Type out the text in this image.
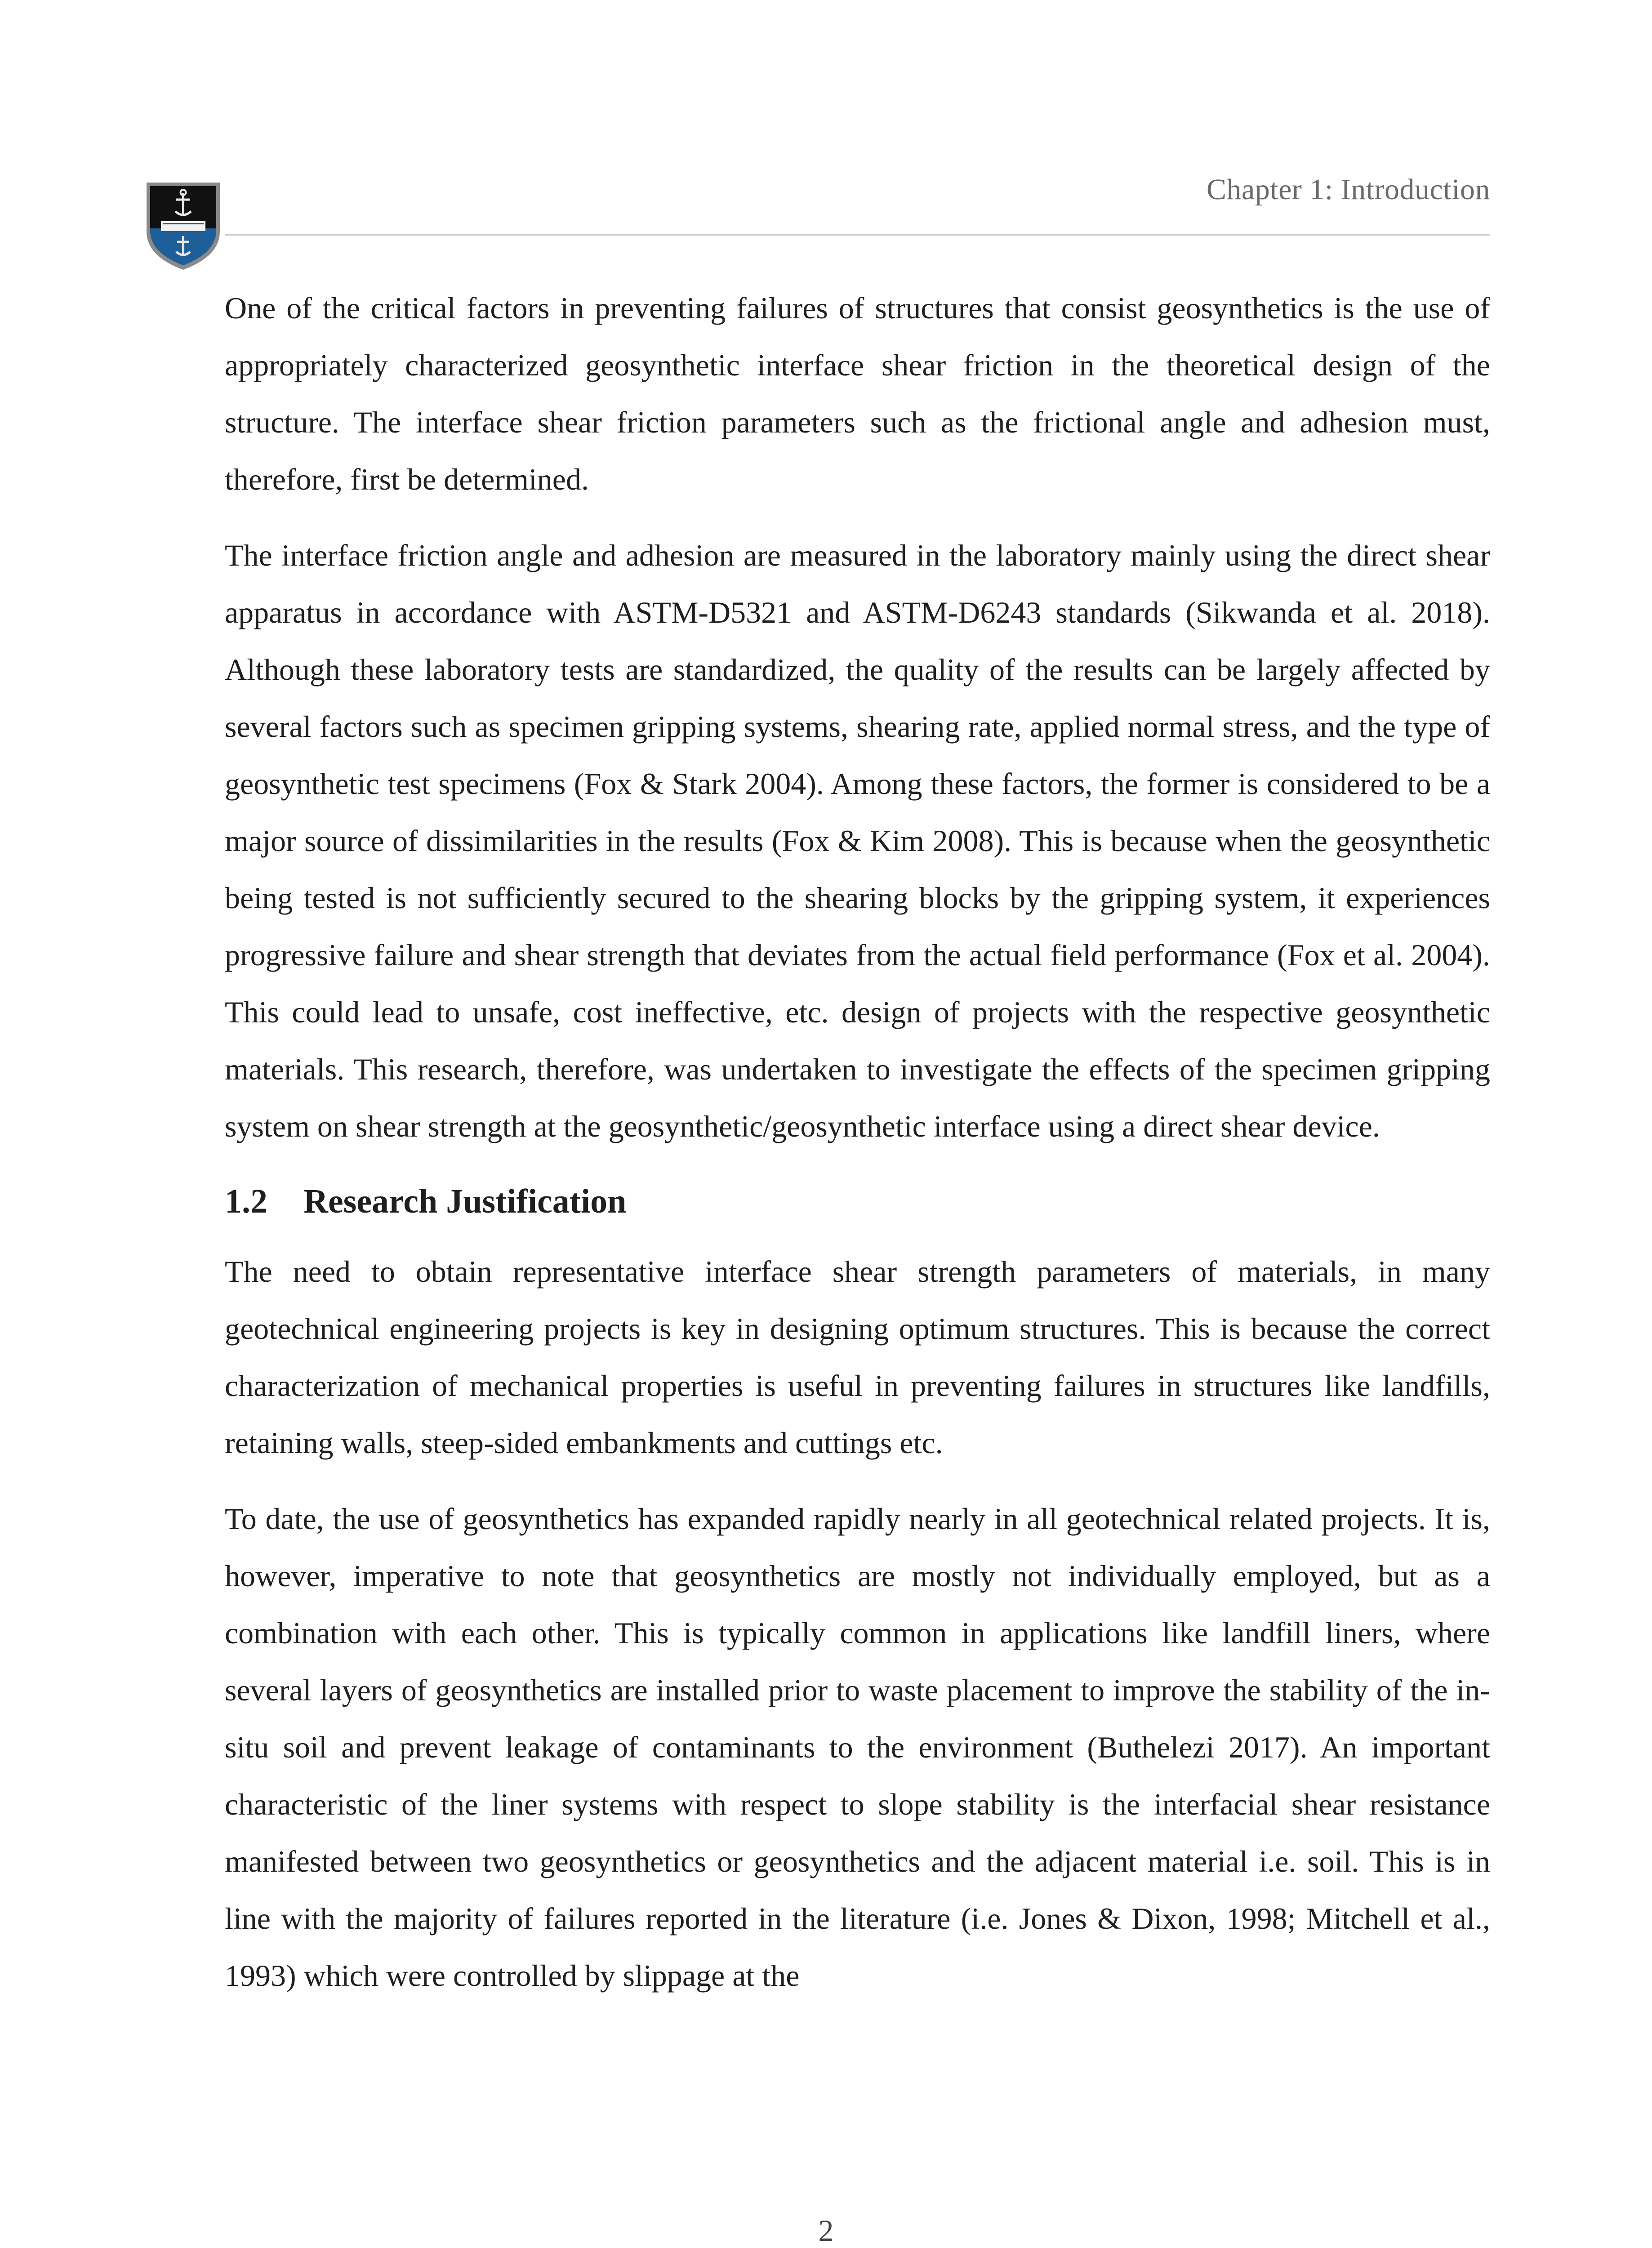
Chapter 1: Introduction

One of the critical factors in preventing failures of structures that consist geosynthetics is the use of appropriately characterized geosynthetic interface shear friction in the theoretical design of the structure. The interface shear friction parameters such as the frictional angle and adhesion must, therefore, first be determined.

The interface friction angle and adhesion are measured in the laboratory mainly using the direct shear apparatus in accordance with ASTM-D5321 and ASTM-D6243 standards (Sikwanda et al. 2018). Although these laboratory tests are standardized, the quality of the results can be largely affected by several factors such as specimen gripping systems, shearing rate, applied normal stress, and the type of geosynthetic test specimens (Fox & Stark 2004). Among these factors, the former is considered to be a major source of dissimilarities in the results (Fox & Kim 2008). This is because when the geosynthetic being tested is not sufficiently secured to the shearing blocks by the gripping system, it experiences progressive failure and shear strength that deviates from the actual field performance (Fox et al. 2004). This could lead to unsafe, cost ineffective, etc. design of projects with the respective geosynthetic materials. This research, therefore, was undertaken to investigate the effects of the specimen gripping system on shear strength at the geosynthetic/geosynthetic interface using a direct shear device.

1.2 Research Justification

The need to obtain representative interface shear strength parameters of materials, in many geotechnical engineering projects is key in designing optimum structures. This is because the correct characterization of mechanical properties is useful in preventing failures in structures like landfills, retaining walls, steep-sided embankments and cuttings etc.

To date, the use of geosynthetics has expanded rapidly nearly in all geotechnical related projects. It is, however, imperative to note that geosynthetics are mostly not individually employed, but as a combination with each other. This is typically common in applications like landfill liners, where several layers of geosynthetics are installed prior to waste placement to improve the stability of the in-situ soil and prevent leakage of contaminants to the environment (Buthelezi 2017). An important characteristic of the liner systems with respect to slope stability is the interfacial shear resistance manifested between two geosynthetics or geosynthetics and the adjacent material i.e. soil. This is in line with the majority of failures reported in the literature (i.e. Jones & Dixon, 1998; Mitchell et al., 1993) which were controlled by slippage at the

2
